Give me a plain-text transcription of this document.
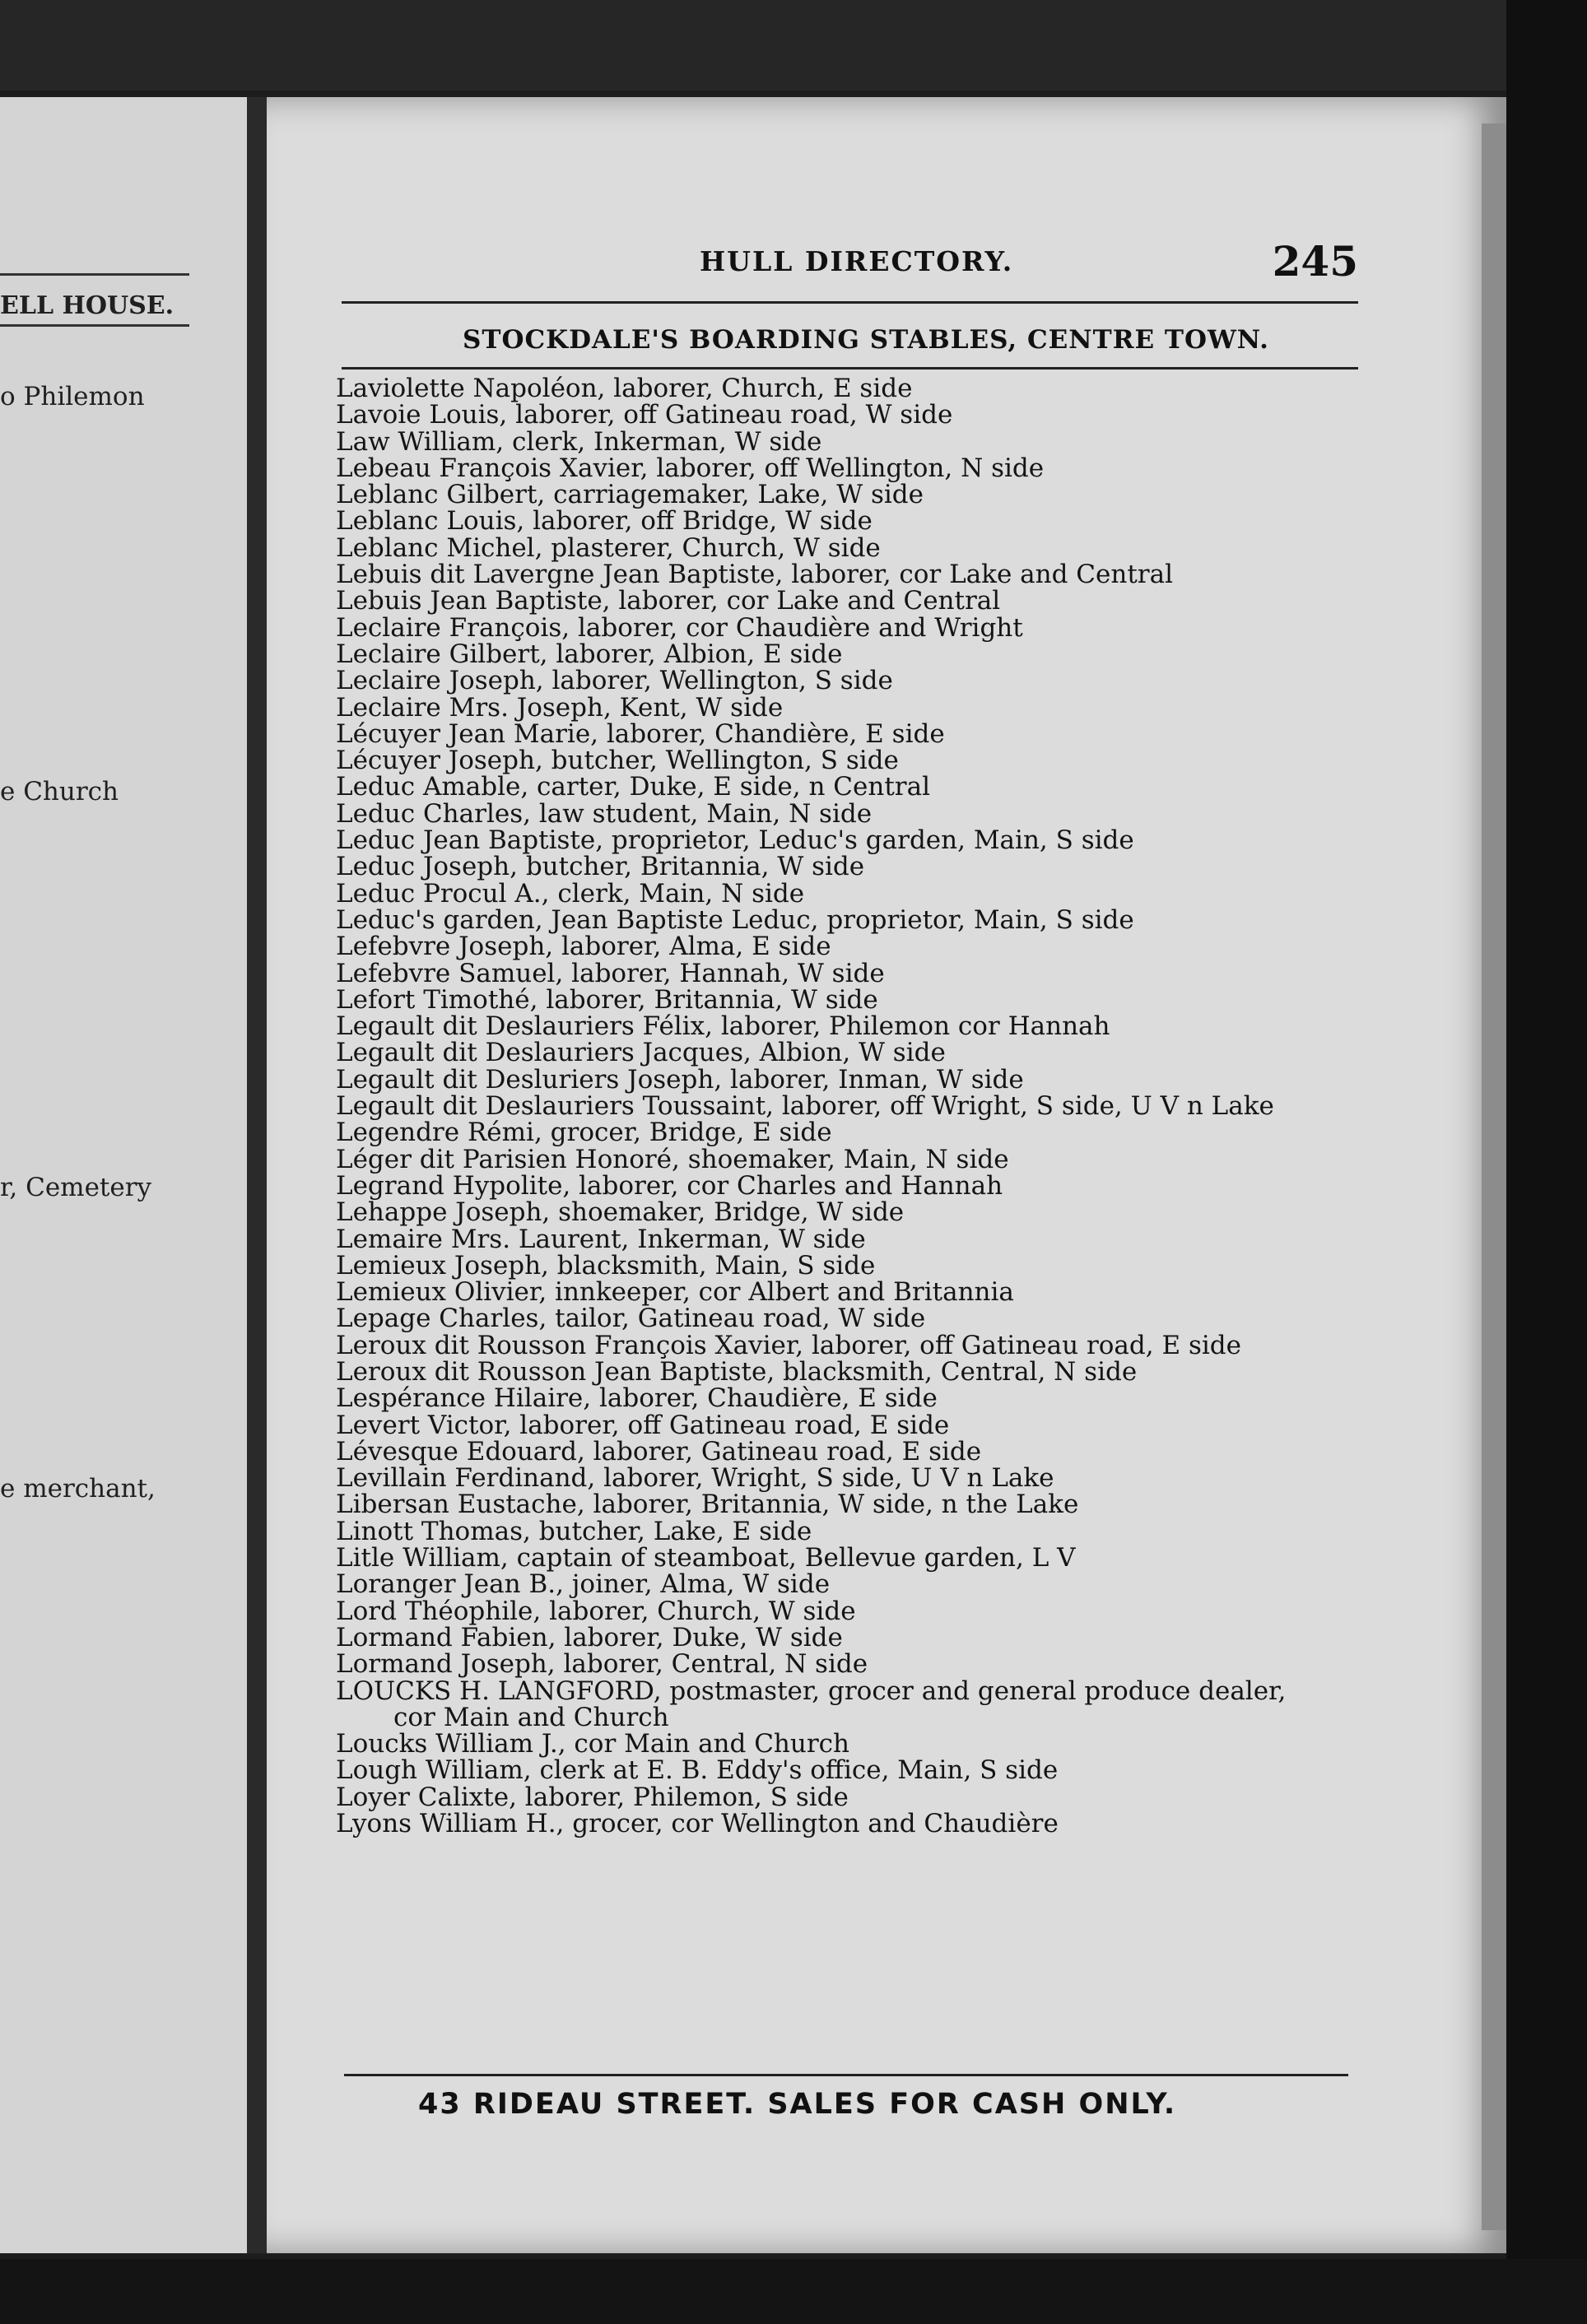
ELL HOUSE.
o Philemon
e Church
r, Cemetery
e merchant,
HULL DIRECTORY.	245
STOCKDALE'S BOARDING STABLES, CENTRE TOWN.
Laviolette Napoléon, laborer, Church, E side
Lavoie Louis, laborer, off Gatineau road, W side
Law William, clerk, Inkerman, W side
Lebeau François Xavier, laborer, off Wellington, N side
Leblanc Gilbert, carriagemaker, Lake, W side
Leblanc Louis, laborer, off Bridge, W side
Leblanc Michel, plasterer, Church, W side
Lebuis dit Lavergne Jean Baptiste, laborer, cor Lake and Central
Lebuis Jean Baptiste, laborer, cor Lake and Central
Leclaire François, laborer, cor Chaudière and Wright
Leclaire Gilbert, laborer, Albion, E side
Leclaire Joseph, laborer, Wellington, S side
Leclaire Mrs. Joseph, Kent, W side
Lécuyer Jean Marie, laborer, Chandière, E side
Lécuyer Joseph, butcher, Wellington, S side
Leduc Amable, carter, Duke, E side, n Central
Leduc Charles, law student, Main, N side
Leduc Jean Baptiste, proprietor, Leduc's garden, Main, S side
Leduc Joseph, butcher, Britannia, W side
Leduc Procul A., clerk, Main, N side
Leduc's garden, Jean Baptiste Leduc, proprietor, Main, S side
Lefebvre Joseph, laborer, Alma, E side
Lefebvre Samuel, laborer, Hannah, W side
Lefort Timothé, laborer, Britannia, W side
Legault dit Deslauriers Félix, laborer, Philemon cor Hannah
Legault dit Deslauriers Jacques, Albion, W side
Legault dit Desluriers Joseph, laborer, Inman, W side
Legault dit Deslauriers Toussaint, laborer, off Wright, S side, U V n Lake
Legendre Rémi, grocer, Bridge, E side
Léger dit Parisien Honoré, shoemaker, Main, N side
Legrand Hypolite, laborer, cor Charles and Hannah
Lehappe Joseph, shoemaker, Bridge, W side
Lemaire Mrs. Laurent, Inkerman, W side
Lemieux Joseph, blacksmith, Main, S side
Lemieux Olivier, innkeeper, cor Albert and Britannia
Lepage Charles, tailor, Gatineau road, W side
Leroux dit Rousson François Xavier, laborer, off Gatineau road, E side
Leroux dit Rousson Jean Baptiste, blacksmith, Central, N side
Lespérance Hilaire, laborer, Chaudière, E side
Levert Victor, laborer, off Gatineau road, E side
Lévesque Edouard, laborer, Gatineau road, E side
Levillain Ferdinand, laborer, Wright, S side, U V n Lake
Libersan Eustache, laborer, Britannia, W side, n the Lake
Linott Thomas, butcher, Lake, E side
Litle William, captain of steamboat, Bellevue garden, L V
Loranger Jean B., joiner, Alma, W side
Lord Théophile, laborer, Church, W side
Lormand Fabien, laborer, Duke, W side
Lormand Joseph, laborer, Central, N side
LOUCKS H. LANGFORD, postmaster, grocer and general produce dealer,
cor Main and Church
Loucks William J., cor Main and Church
Lough William, clerk at E. B. Eddy's office, Main, S side
Loyer Calixte, laborer, Philemon, S side
Lyons William H., grocer, cor Wellington and Chaudière
43 RIDEAU STREET. SALES FOR CASH ONLY.
